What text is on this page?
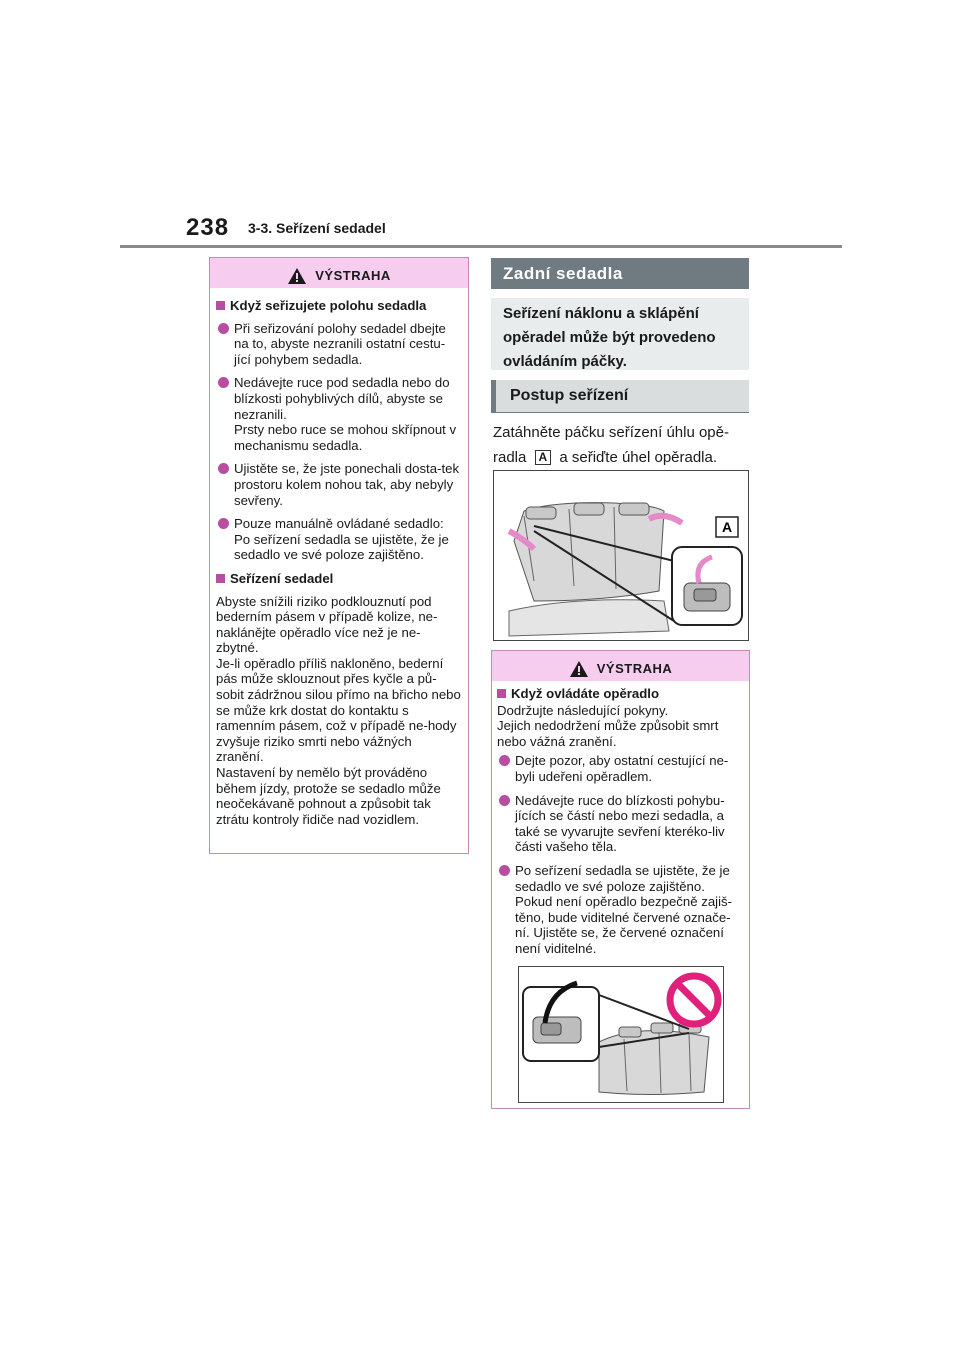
238 3-3. Seřízení sedadel
VÝSTRAHA
Když seřizujete polohu sedadla
Při seřizování polohy sedadel dbejte na to, abyste nezranili ostatní cestu-jící pohybem sedadla.
Nedávejte ruce pod sedadla nebo do blízkosti pohyblivých dílů, abyste se nezranili.
Prsty nebo ruce se mohou skřípnout v mechanismu sedadla.
Ujistěte se, že jste ponechali dosta-tek prostoru kolem nohou tak, aby nebyly sevřeny.
Pouze manuálně ovládané sedadlo: Po seřízení sedadla se ujistěte, že je sedadlo ve své poloze zajištěno.
Seřízení sedadel
Abyste snížili riziko podklouznutí pod bederním pásem v případě kolize, ne-nakláněјte opěradlo více než je ne-zbytné.
Je-li opěradlo příliš nakloněno, bederní pás může sklouznout přes kyčle a pů-sobit zádržnou silou přímo na břicho nebo se může krk dostat do kontaktu s ramenním pásem, což v případě ne-hody zvyšuje riziko smrti nebo vážných zranění.
Nastavení by nemělo být prováděno během jízdy, protože se sedadlo může neočekávaně pohnout a způsobit tak ztrátu kontroly řidiče nad vozidlem.
Zadní sedadla
Seřízení náklonu a sklápění opěradel může být provedeno ovládáním páčky.
Postup seřízení
Zatáhněte páčku seřízení úhlu opě-radla A a seřiďte úhel opěradla.
A
VÝSTRAHA
Když ovládáte opěradlo
Dodržujte následující pokyny.
Jejich nedodržení může způsobit smrt nebo vážná zranění.
Dejte pozor, aby ostatní cestující ne-byli udeřeni opěradlem.
Nedávejte ruce do blízkosti pohybu-jících se částí nebo mezi sedadla, a také se vyvarujte sevření kteréko-liv části vašeho těla.
Po seřízení sedadla se ujistěte, že je sedadlo ve své poloze zajištěno. Pokud není opěradlo bezpečně zajiš-těno, bude viditelné červené označe-ní. Ujistěte se, že červené označení není viditelné.
